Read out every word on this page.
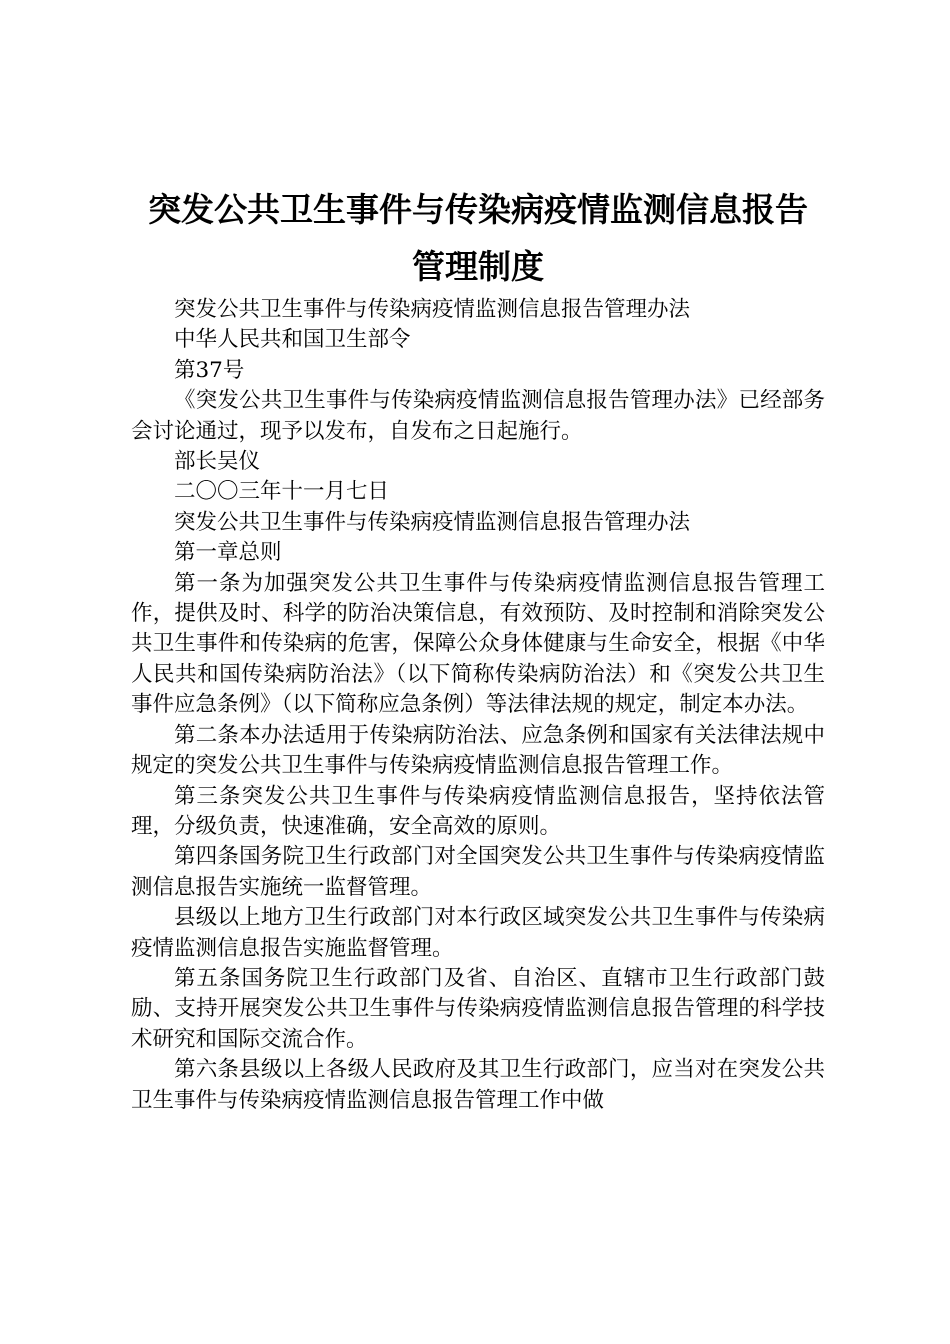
突发公共卫生事件与传染病疫情监测信息报告
管理制度

突发公共卫生事件与传染病疫情监测信息报告管理办法

中华人民共和国卫生部令

第37号

《突发公共卫生事件与传染病疫情监测信息报告管理办法》已经部务会讨论通过，现予以发布，自发布之日起施行。

部长吴仪

二〇〇三年十一月七日

突发公共卫生事件与传染病疫情监测信息报告管理办法

第一章总则

第一条为加强突发公共卫生事件与传染病疫情监测信息报告管理工作，提供及时、科学的防治决策信息，有效预防、及时控制和消除突发公共卫生事件和传染病的危害，保障公众身体健康与生命安全，根据《中华人民共和国传染病防治法》（以下简称传染病防治法）和《突发公共卫生事件应急条例》（以下简称应急条例）等法律法规的规定，制定本办法。

第二条本办法适用于传染病防治法、应急条例和国家有关法律法规中规定的突发公共卫生事件与传染病疫情监测信息报告管理工作。

第三条突发公共卫生事件与传染病疫情监测信息报告，坚持依法管理，分级负责，快速准确，安全高效的原则。

第四条国务院卫生行政部门对全国突发公共卫生事件与传染病疫情监测信息报告实施统一监督管理。

县级以上地方卫生行政部门对本行政区域突发公共卫生事件与传染病疫情监测信息报告实施监督管理。

第五条国务院卫生行政部门及省、自治区、直辖市卫生行政部门鼓励、支持开展突发公共卫生事件与传染病疫情监测信息报告管理的科学技术研究和国际交流合作。

第六条县级以上各级人民政府及其卫生行政部门，应当对在突发公共卫生事件与传染病疫情监测信息报告管理工作中做
